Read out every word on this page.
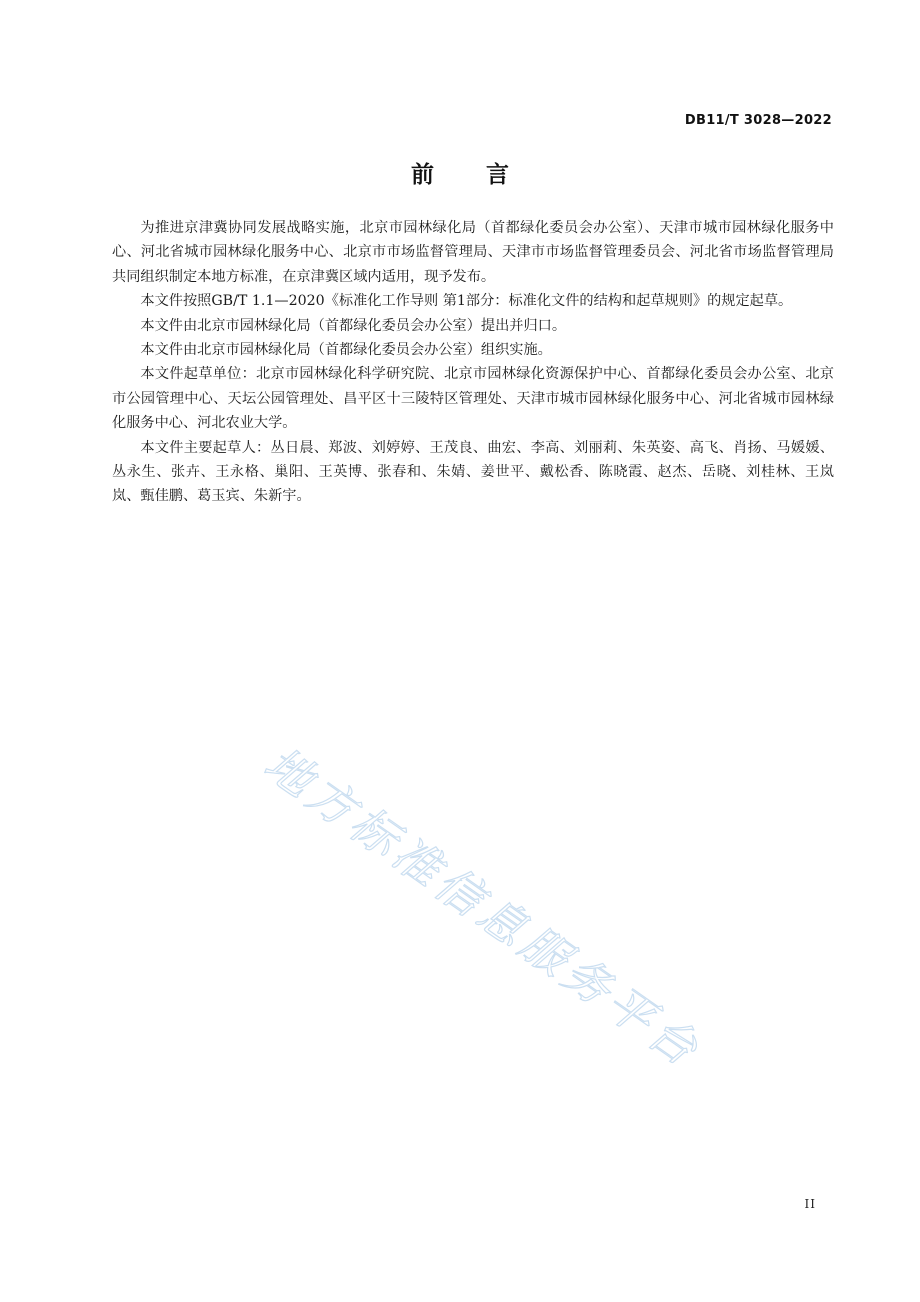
DB11/T 3028—2022
前言

为推进京津冀协同发展战略实施，北京市园林绿化局（首都绿化委员会办公室）、天津市城市园林绿化服务中心、河北省城市园林绿化服务中心、北京市市场监督管理局、天津市市场监督管理委员会、河北省市场监督管理局共同组织制定本地方标准，在京津冀区域内适用，现予发布。

本文件按照GB/T 1.1—2020《标准化工作导则 第1部分：标准化文件的结构和起草规则》的规定起草。

本文件由北京市园林绿化局（首都绿化委员会办公室）提出并归口。

本文件由北京市园林绿化局（首都绿化委员会办公室）组织实施。

本文件起草单位：北京市园林绿化科学研究院、北京市园林绿化资源保护中心、首都绿化委员会办公室、北京市公园管理中心、天坛公园管理处、昌平区十三陵特区管理处、天津市城市园林绿化服务中心、河北省城市园林绿化服务中心、河北农业大学。

本文件主要起草人：丛日晨、郑波、刘婷婷、王茂良、曲宏、李高、刘丽莉、朱英姿、高飞、肖扬、马媛媛、丛永生、张卉、王永格、巢阳、王英博、张春和、朱婧、姜世平、戴松香、陈晓霞、赵杰、岳晓、刘桂林、王岚岚、甄佳鹏、葛玉宾、朱新宇。

地方标准信息服务平台
II
